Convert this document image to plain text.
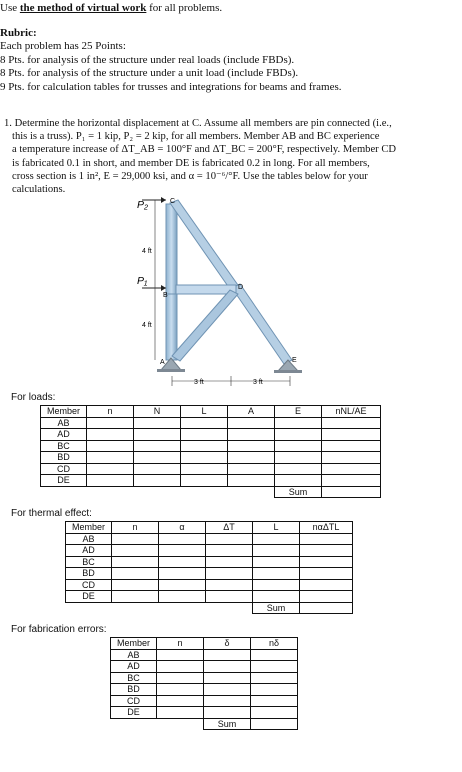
Use the method of virtual work for all problems.
Rubric:
Each problem has 25 Points:
8 Pts. for analysis of the structure under real loads (include FBDs).
8 Pts. for analysis of the structure under a unit load (include FBDs).
9 Pts. for calculation tables for trusses and integrations for beams and frames.
1. Determine the horizontal displacement at C. Assume all members are pin connected (i.e.,
this is a truss). P₁ = 1 kip, P₂ = 2 kip, for all members. Member AB and BC experience
a temperature increase of ΔT_AB = 100°F and ΔT_BC = 200°F, respectively. Member CD
is fabricated 0.1 in short, and member DE is fabricated 0.2 in long. For all members,
cross section is 1 in², E = 29,000 ksi, and α = 10⁻⁶/°F. Use the tables below for your
calculations.
P₂
P₁
C
B
A
D
E
4 ft
4 ft
3 ft	3 ft
For loads:
Member	n	N	L	A	E	nNL/AE
AB						
AD						
BC						
BD						
CD						
DE						
					Sum	
For thermal effect:
Member	n	α	ΔT	L	nαΔTL
AB					
AD					
BC					
BD					
CD					
DE					
				Sum	
For fabrication errors:
Member	n	δ	nδ
AB			
AD			
BC			
BD			
CD			
DE			
		Sum	
